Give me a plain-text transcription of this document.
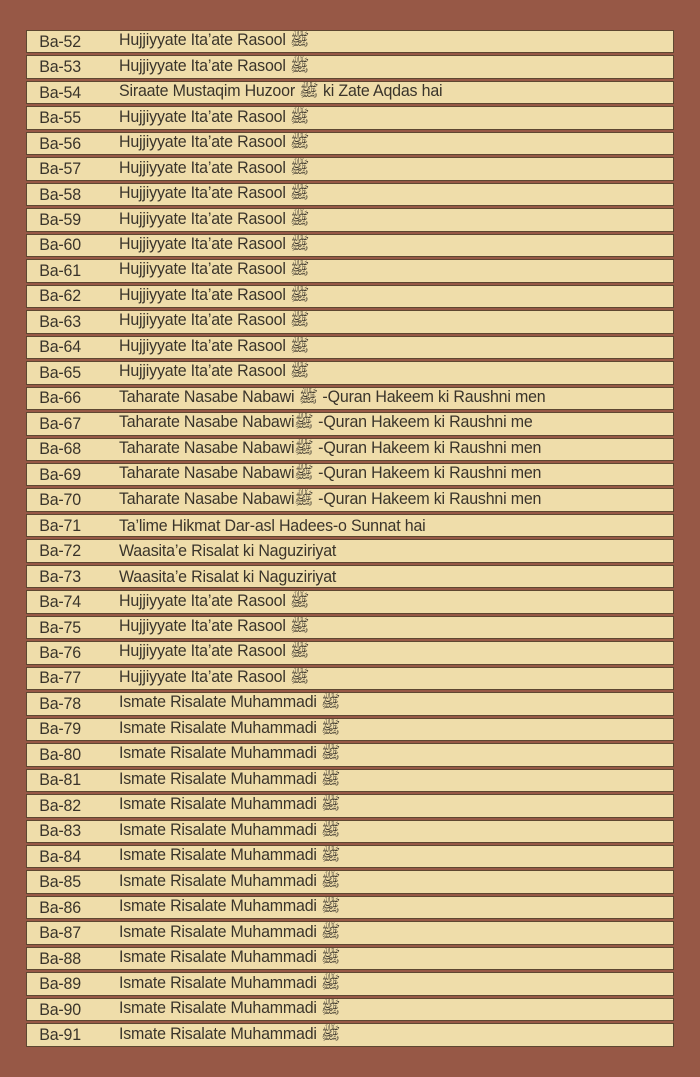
Ba-52	Hujjiyyate Ita’ate Rasool ﷺ
Ba-53	Hujjiyyate Ita’ate Rasool ﷺ
Ba-54	Siraate Mustaqim Huzoor ﷺ ki Zate Aqdas hai
Ba-55	Hujjiyyate Ita’ate Rasool ﷺ
Ba-56	Hujjiyyate Ita’ate Rasool ﷺ
Ba-57	Hujjiyyate Ita’ate Rasool ﷺ
Ba-58	Hujjiyyate Ita’ate Rasool ﷺ
Ba-59	Hujjiyyate Ita’ate Rasool ﷺ
Ba-60	Hujjiyyate Ita’ate Rasool ﷺ
Ba-61	Hujjiyyate Ita’ate Rasool ﷺ
Ba-62	Hujjiyyate Ita’ate Rasool ﷺ
Ba-63	Hujjiyyate Ita’ate Rasool ﷺ
Ba-64	Hujjiyyate Ita’ate Rasool ﷺ
Ba-65	Hujjiyyate Ita’ate Rasool ﷺ
Ba-66	Taharate Nasabe Nabawi ﷺ -Quran Hakeem ki Raushni men
Ba-67	Taharate Nasabe Nabawiﷺ -Quran Hakeem ki Raushni me
Ba-68	Taharate Nasabe Nabawiﷺ -Quran Hakeem ki Raushni men
Ba-69	Taharate Nasabe Nabawiﷺ -Quran Hakeem ki Raushni men
Ba-70	Taharate Nasabe Nabawiﷺ -Quran Hakeem ki Raushni men
Ba-71	Ta’lime Hikmat Dar-asl Hadees-o Sunnat hai
Ba-72	Waasita’e Risalat ki Naguziriyat
Ba-73	Waasita’e Risalat ki Naguziriyat
Ba-74	Hujjiyyate Ita’ate Rasool ﷺ
Ba-75	Hujjiyyate Ita’ate Rasool ﷺ
Ba-76	Hujjiyyate Ita’ate Rasool ﷺ
Ba-77	Hujjiyyate Ita’ate Rasool ﷺ
Ba-78	Ismate Risalate Muhammadi ﷺ
Ba-79	Ismate Risalate Muhammadi ﷺ
Ba-80	Ismate Risalate Muhammadi ﷺ
Ba-81	Ismate Risalate Muhammadi ﷺ
Ba-82	Ismate Risalate Muhammadi ﷺ
Ba-83	Ismate Risalate Muhammadi ﷺ
Ba-84	Ismate Risalate Muhammadi ﷺ
Ba-85	Ismate Risalate Muhammadi ﷺ
Ba-86	Ismate Risalate Muhammadi ﷺ
Ba-87	Ismate Risalate Muhammadi ﷺ
Ba-88	Ismate Risalate Muhammadi ﷺ
Ba-89	Ismate Risalate Muhammadi ﷺ
Ba-90	Ismate Risalate Muhammadi ﷺ
Ba-91	Ismate Risalate Muhammadi ﷺ
